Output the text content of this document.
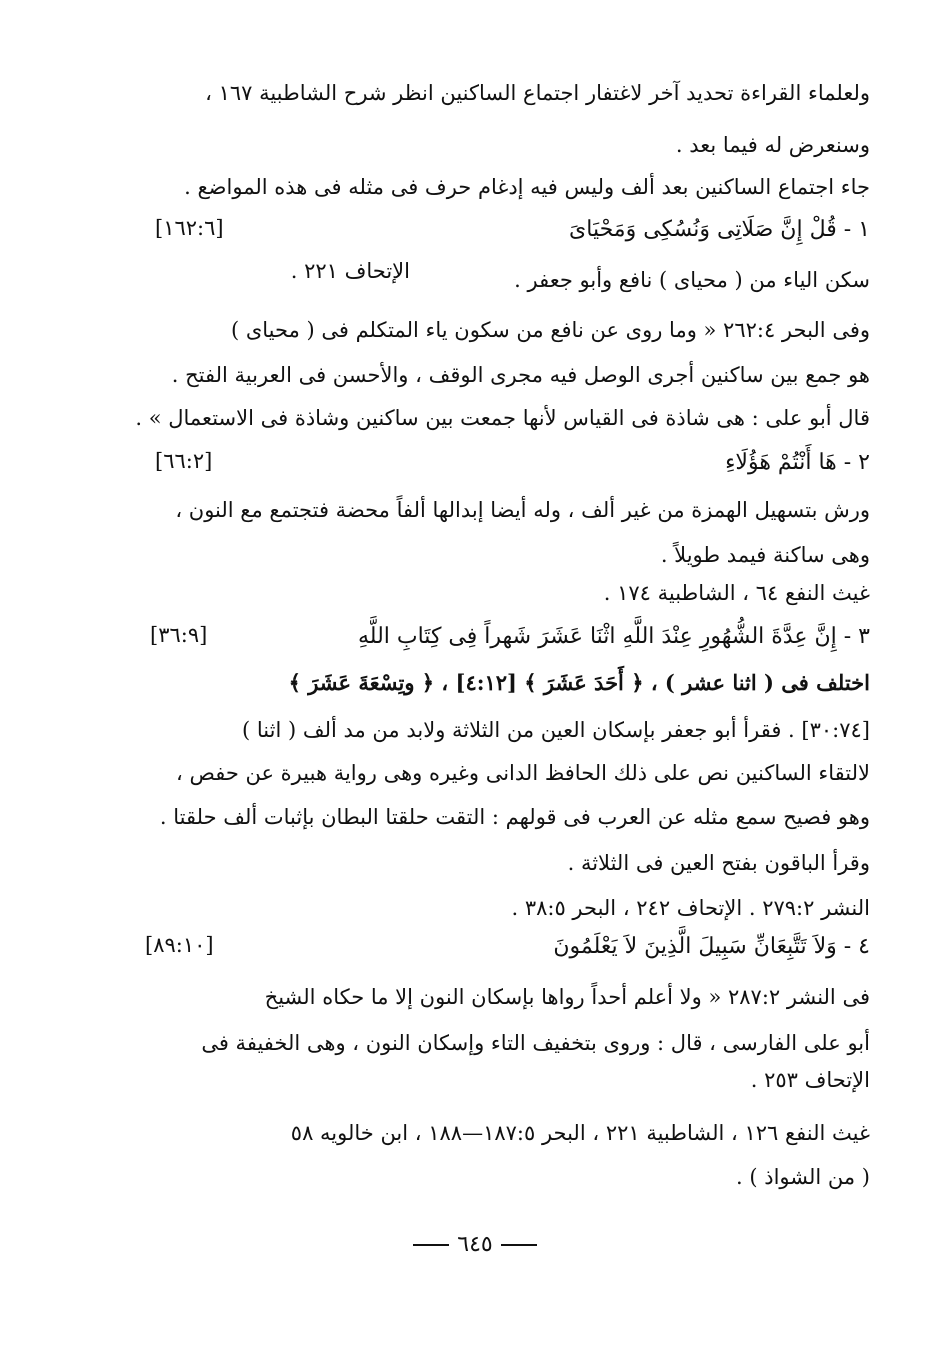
ولعلماء القراءة تحديد آخر لاغتفار اجتماع الساكنين انظر شرح الشاطبية ١٦٧ ،
وسنعرض له فيما بعد .
جاء اجتماع الساكنين بعد ألف وليس فيه إدغام حرف فى مثله فى هذه المواضع .
١ - قُلْ إِنَّ صَلَاتِى وَنُسُكِى وَمَحْيَاىَ
[١٦٢:٦]
سكن الياء من ( محياى ) نافع وأبو جعفر .
الإتحاف ٢٢١ .
وفى البحر ٢٦٢:٤ « وما روى عن نافع من سكون ياء المتكلم فى ( محياى )
هو جمع بين ساكنين أجرى الوصل فيه مجرى الوقف ، والأحسن فى العربية الفتح .
قال أبو على : هى شاذة فى القياس لأنها جمعت بين ساكنين وشاذة فى الاستعمال » .
٢ - هَا أَنْتُمْ هَؤُلَاءِ
[٦٦:٢]
ورش بتسهيل الهمزة من غير ألف ، وله أيضا إبدالها ألفاً محضة فتجتمع مع النون ،
وهى ساكنة فيمد طويلاً .
غيث النفع ٦٤ ، الشاطبية ١٧٤ .
٣ - إِنَّ عِدَّةَ الشُّهُورِ عِنْدَ اللَّهِ اثْنَا عَشَرَ شَهراً فِى كِتَابِ اللَّهِ
[٣٦:٩]
اختلف فى ( اثنا عشر ) ، ﴿ أَحَدَ عَشَرَ ﴾ [٤:١٢] ، ﴿ وتِسْعَةَ عَشَرَ ﴾
[٣٠:٧٤] . فقرأ أبو جعفر بإسكان العين من الثلاثة ولابد من مد ألف ( اثنا )
لالتقاء الساكنين نص على ذلك الحافظ الدانى وغيره وهى رواية هبيرة عن حفص ،
وهو فصيح سمع مثله عن العرب فى قولهم : التقت حلقتا البطان بإثبات ألف حلقتا .
وقرأ الباقون بفتح العين فى الثلاثة .
النشر ٢٧٩:٢ . الإتحاف ٢٤٢ ، البحر ٣٨:٥ .
٤ - وَلاَ تَتَّبِعَانِّ سَبِيلَ الَّذِينَ لاَ يَعْلَمُونَ
[٨٩:١٠]
فى النشر ٢٨٧:٢ « ولا أعلم أحداً رواها بإسكان النون إلا ما حكاه الشيخ
أبو على الفارسى ، قال : وروى بتخفيف التاء وإسكان النون ، وهى الخفيفة فى
الإتحاف ٢٥٣ .
غيث النفع ١٢٦ ، الشاطبية ٢٢١ ، البحر ١٨٧:٥—١٨٨ ، ابن خالويه ٥٨
( من الشواذ ) .
٦٤٥
